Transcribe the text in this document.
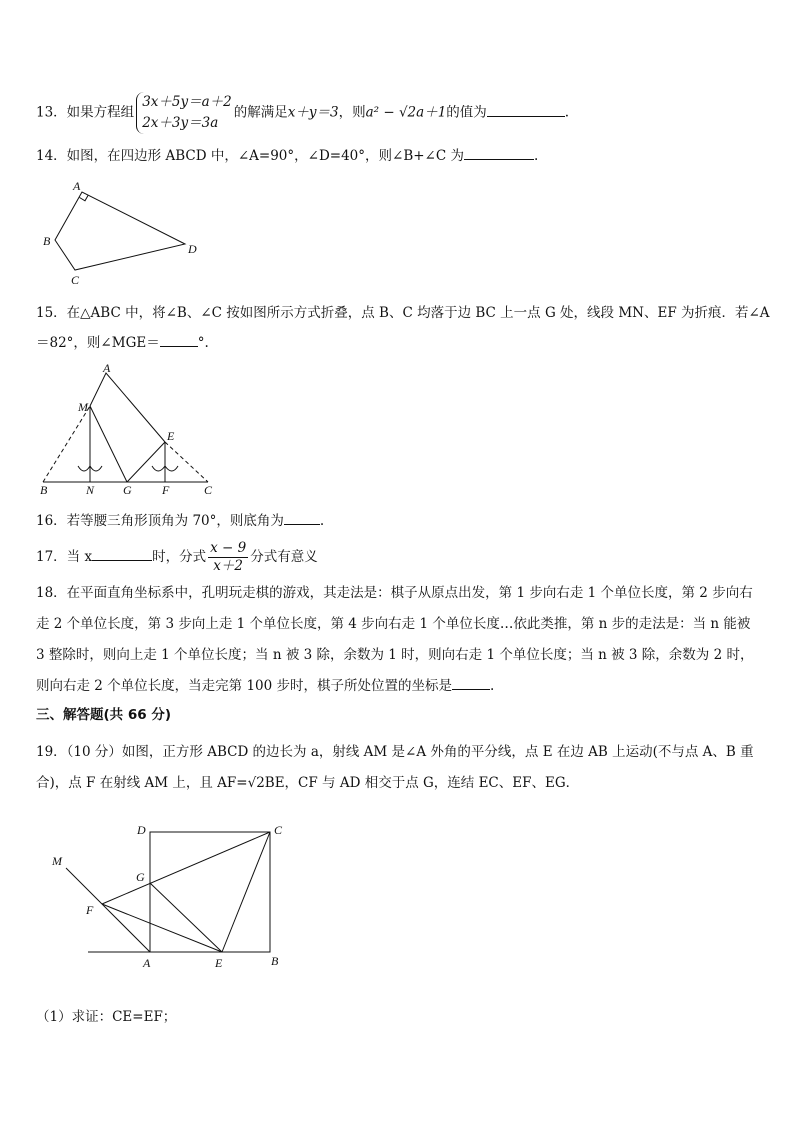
13．如果方程组
3x＋5y＝a＋2
2x＋3y＝3a
的解满足x＋y＝3，则a² − √2a＋1的值为	.
14．如图，在四边形 ABCD 中，∠A=90°，∠D=40°，则∠B+∠C 为	.
A
B
C
D
15．在△ABC 中，将∠B、∠C 按如图所示方式折叠，点 B、C 均落于边 BC 上一点 G 处，线段 MN、EF 为折痕．若∠A
＝82°，则∠MGE＝	°.
A
M
E
B	N G	F	C
16．若等腰三角形顶角为 70°，则底角为	.
17．当 x	时，分式 $\frac{x - 9}{x+2}$ 分式有意义
18．在平面直角坐标系中，孔明玩走棋的游戏，其走法是：棋子从原点出发，第 1 步向右走 1 个单位长度，第 2 步向右走 2 个单位长度，第 3 步向上走 1 个单位长度，第 4 步向右走 1 个单位长度…依此类推，第 n 步的走法是：当 n 能被 3 整除时，则向上走 1 个单位长度；当 n 被 3 除，余数为 1 时，则向右走 1 个单位长度；当 n 被 3 除，余数为 2 时，则向右走 2 个单位长度，当走完第 100 步时，棋子所处位置的坐标是	.
三、解答题(共 66 分)
19．（10 分）如图，正方形 ABCD 的边长为 a，射线 AM 是∠A 外角的平分线，点 E 在边 AB 上运动(不与点 A、B 重合)，点 F 在射线 AM 上，且 AF=√2BE，CF 与 AD 相交于点 G，连结 EC、EF、EG．
D	C
M
G
F
A	E	B
（1）求证：CE=EF；
